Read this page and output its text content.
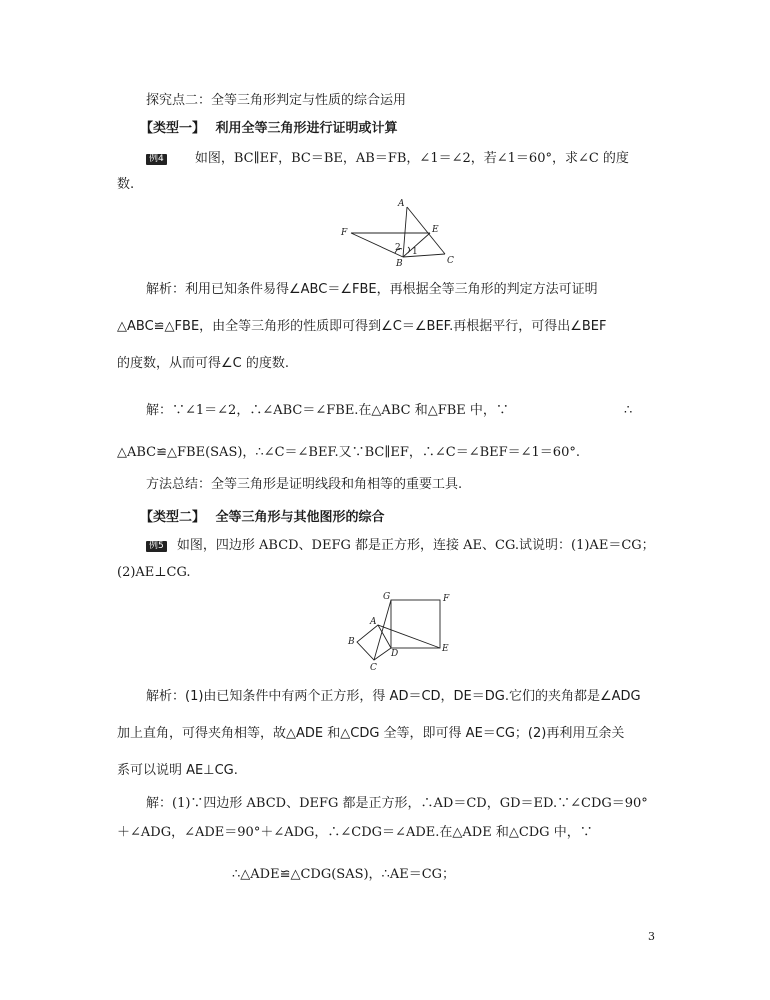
探究点二：全等三角形判定与性质的综合运用
【类型一】 利用全等三角形进行证明或计算
例4 如图，BC∥EF，BC＝BE，AB＝FB，∠1＝∠2，若∠1＝60°，求∠C 的度
数.
A
E
F
2 1
B	C
解析：利用已知条件易得∠ABC＝∠FBE，再根据全等三角形的判定方法可证明
△ABC≌△FBE，由全等三角形的性质即可得到∠C＝∠BEF.再根据平行，可得出∠BEF
的度数，从而可得∠C 的度数.
解：∵∠1＝∠2，∴∠ABC＝∠FBE.在△ABC 和△FBE 中，∵	∴
△ABC≌△FBE(SAS)，∴∠C＝∠BEF.又∵BC∥EF，∴∠C＝∠BEF＝∠1＝60°.
方法总结：全等三角形是证明线段和角相等的重要工具.
【类型二】 全等三角形与其他图形的综合
例5 如图，四边形 ABCD、DEFG 都是正方形，连接 AE、CG.试说明：(1)AE＝CG；
(2)AE⊥CG.
G	F
A
B
D	E
C
解析：(1)由已知条件中有两个正方形，得 AD＝CD，DE＝DG.它们的夹角都是∠ADG
加上直角，可得夹角相等，故△ADE 和△CDG 全等，即可得 AE＝CG；(2)再利用互余关
系可以说明 AE⊥CG.
解：(1)∵四边形 ABCD、DEFG 都是正方形，∴AD＝CD，GD＝ED.∵∠CDG＝90°
＋∠ADG，∠ADE＝90°＋∠ADG，∴∠CDG＝∠ADE.在△ADE 和△CDG 中，∵
∴△ADE≌△CDG(SAS)，∴AE＝CG；
3
